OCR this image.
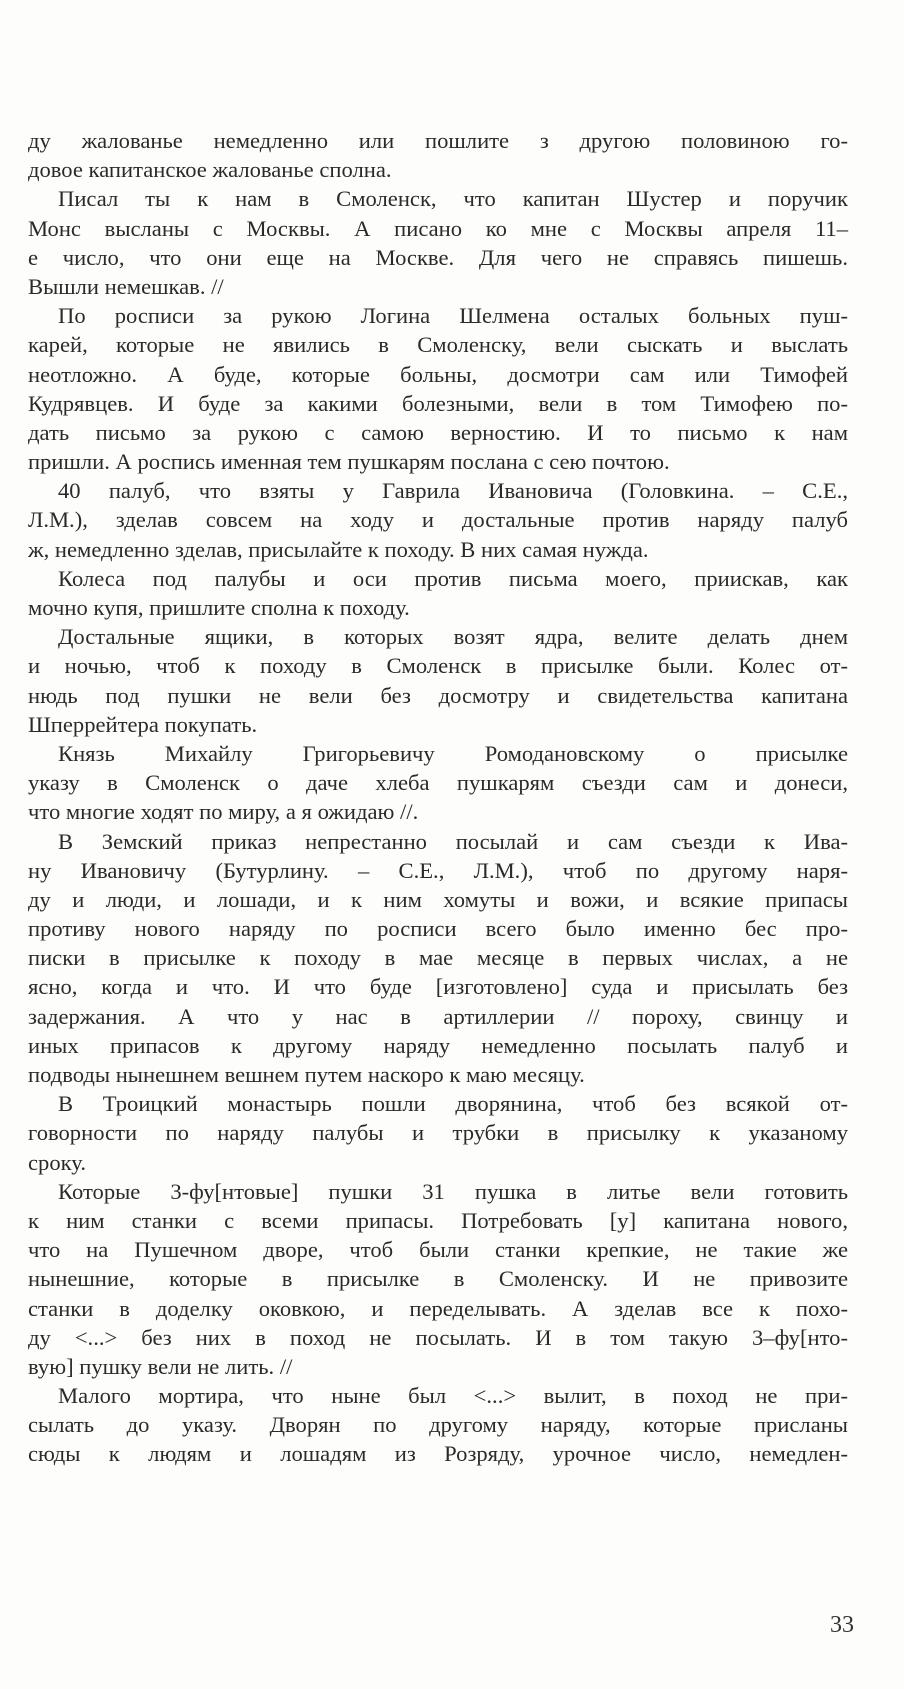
ду жалованье немедленно или пошлите з другою половиною го-
довое капитанское жалованье сполна.
Писал ты к нам в Смоленск, что капитан Шустер и поручик
Монс высланы с Москвы. А писано ко мне с Москвы апреля 11–
е число, что они еще на Москве. Для чего не справясь пишешь.
Вышли немешкав. //
По росписи за рукою Логина Шелмена осталых больных пуш-
карей, которые не явились в Смоленску, вели сыскать и выслать
неотложно. А буде, которые больны, досмотри сам или Тимофей
Кудрявцев. И буде за какими болезными, вели в том Тимофею по-
дать письмо за рукою с самою верностию. И то письмо к нам
пришли. А роспись именная тем пушкарям послана с сею почтою.
40 палуб, что взяты у Гаврила Ивановича (Головкина. – С.Е.,
Л.М.), зделав совсем на ходу и достальные против наряду палуб
ж, немедленно зделав, присылайте к походу. В них самая нужда.
Колеса под палубы и оси против письма моего, приискав, как
мочно купя, пришлите сполна к походу.
Достальные ящики, в которых возят ядра, велите делать днем
и ночью, чтоб к походу в Смоленск в присылке были. Колес от-
нюдь под пушки не вели без досмотру и свидетельства капитана
Шперрейтера покупать.
Князь Михайлу Григорьевичу Ромодановскому о присылке
указу в Смоленск о даче хлеба пушкарям съезди сам и донеси,
что многие ходят по миру, а я ожидаю //.
В Земский приказ непрестанно посылай и сам съезди к Ива-
ну Ивановичу (Бутурлину. – С.Е., Л.М.), чтоб по другому наря-
ду и люди, и лошади, и к ним хомуты и вожи, и всякие припасы
противу нового наряду по росписи всего было именно бес про-
писки в присылке к походу в мае месяце в первых числах, а не
ясно, когда и что. И что буде [изготовлено] суда и присылать без
задержания. А что у нас в артиллерии // пороху, свинцу и
иных припасов к другому наряду немедленно посылать палуб и
подводы нынешнем вешнем путем наскоро к маю месяцу.
В Троицкий монастырь пошли дворянина, чтоб без всякой от-
говорности по наряду палубы и трубки в присылку к указаному
сроку.
Которые 3-фу[нтовые] пушки 31 пушка в литье вели готовить
к ним станки с всеми припасы. Потребовать [у] капитана нового,
что на Пушечном дворе, чтоб были станки крепкие, не такие же
нынешние, которые в присылке в Смоленску. И не привозите
станки в доделку оковкою, и переделывать. А зделав все к похо-
ду <...> без них в поход не посылать. И в том такую 3–фу[нто-
вую] пушку вели не лить. //
Малого мортира, что ныне был <...> вылит, в поход не при-
сылать до указу. Дворян по другому наряду, которые присланы
сюды к людям и лошадям из Розряду, урочное число, немедлен-
33
